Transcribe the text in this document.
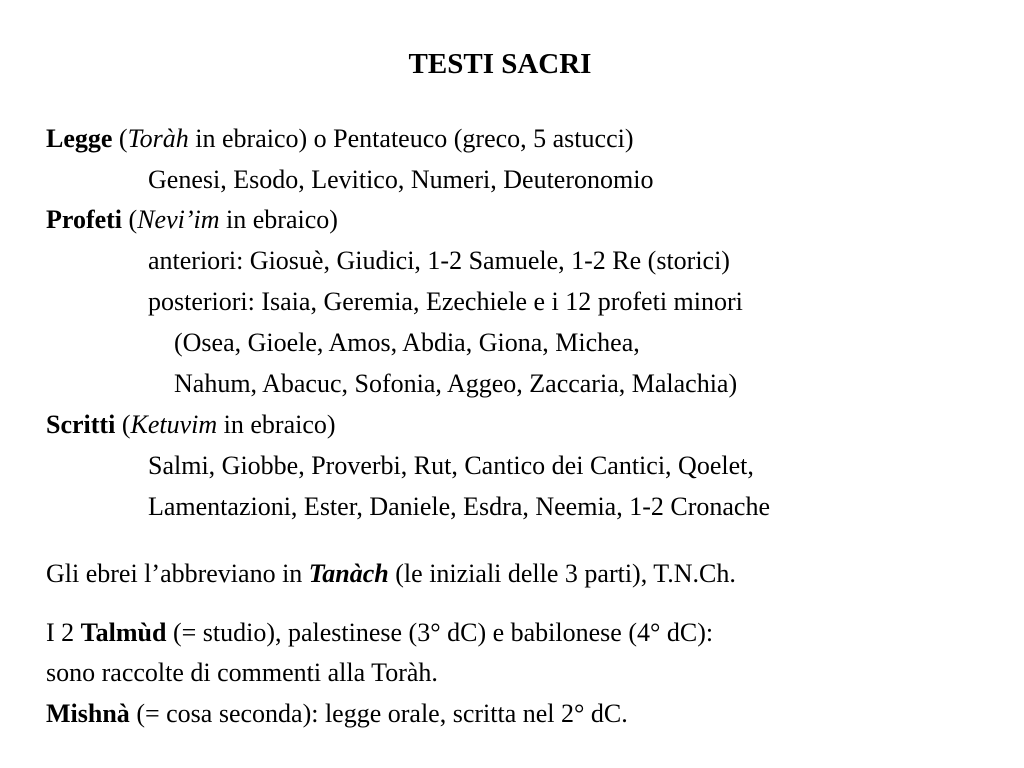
TESTI SACRI
Legge (Toràh in ebraico) o Pentateuco (greco, 5 astucci)
Genesi, Esodo, Levitico, Numeri, Deuteronomio
Profeti (Nevi’im in ebraico)
anteriori: Giosuè, Giudici, 1-2 Samuele, 1-2 Re (storici)
posteriori: Isaia, Geremia, Ezechiele e i 12 profeti minori
(Osea, Gioele, Amos, Abdia, Giona, Michea,
Nahum, Abacuc, Sofonia, Aggeo, Zaccaria, Malachia)
Scritti (Ketuvim in ebraico)
Salmi, Giobbe, Proverbi, Rut, Cantico dei Cantici, Qoelet,
Lamentazioni, Ester, Daniele, Esdra, Neemia, 1-2 Cronache
Gli ebrei l’abbreviano in Tanàch (le iniziali delle 3 parti), T.N.Ch.
I 2 Talmùd (= studio), palestinese (3° dC) e babilonese (4° dC):
sono raccolte di commenti alla Toràh.
Mishnà (= cosa seconda): legge orale, scritta nel 2° dC.
